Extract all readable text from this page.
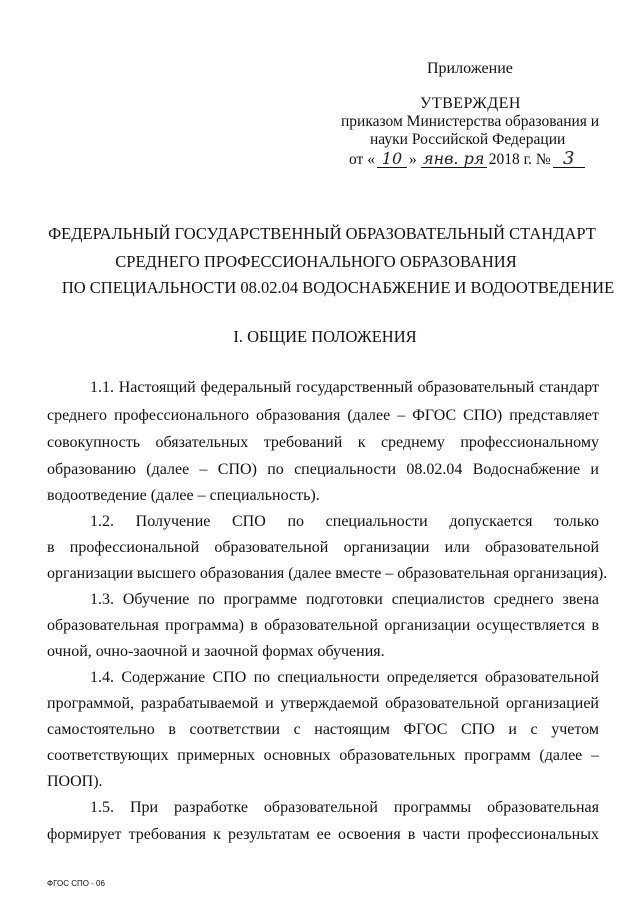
Приложение
УТВЕРЖДЕН
приказом Министерства образования и
науки Российской Федерации
от « 10 » янв. ря 2018 г. № 3
ФЕДЕРАЛЬНЫЙ ГОСУДАРСТВЕННЫЙ ОБРАЗОВАТЕЛЬНЫЙ СТАНДАРТ
СРЕДНЕГО ПРОФЕССИОНАЛЬНОГО ОБРАЗОВАНИЯ
ПО СПЕЦИАЛЬНОСТИ 08.02.04 ВОДОСНАБЖЕНИЕ И ВОДООТВЕДЕНИЕ
I. ОБЩИЕ ПОЛОЖЕНИЯ
1.1. Настоящий федеральный государственный образовательный стандарт
среднего профессионального образования (далее – ФГОС СПО) представляет
совокупность обязательных требований к среднему профессиональному
образованию (далее – СПО) по специальности 08.02.04 Водоснабжение и
водоотведение (далее – специальность).
1.2. Получение СПО по специальности допускается только
в профессиональной образовательной организации или образовательной
организации высшего образования (далее вместе – образовательная организация).
1.3. Обучение по программе подготовки специалистов среднего звена
образовательная программа) в образовательной организации осуществляется в
очной, очно-заочной и заочной формах обучения.
1.4. Содержание СПО по специальности определяется образовательной
программой, разрабатываемой и утверждаемой образовательной организацией
самостоятельно в соответствии с настоящим ФГОС СПО и с учетом
соответствующих примерных основных образовательных программ (далее –
ПООП).
1.5. При разработке образовательной программы образовательная
формирует требования к результатам ее освоения в части профессиональных
ФГОС СПО - 06
